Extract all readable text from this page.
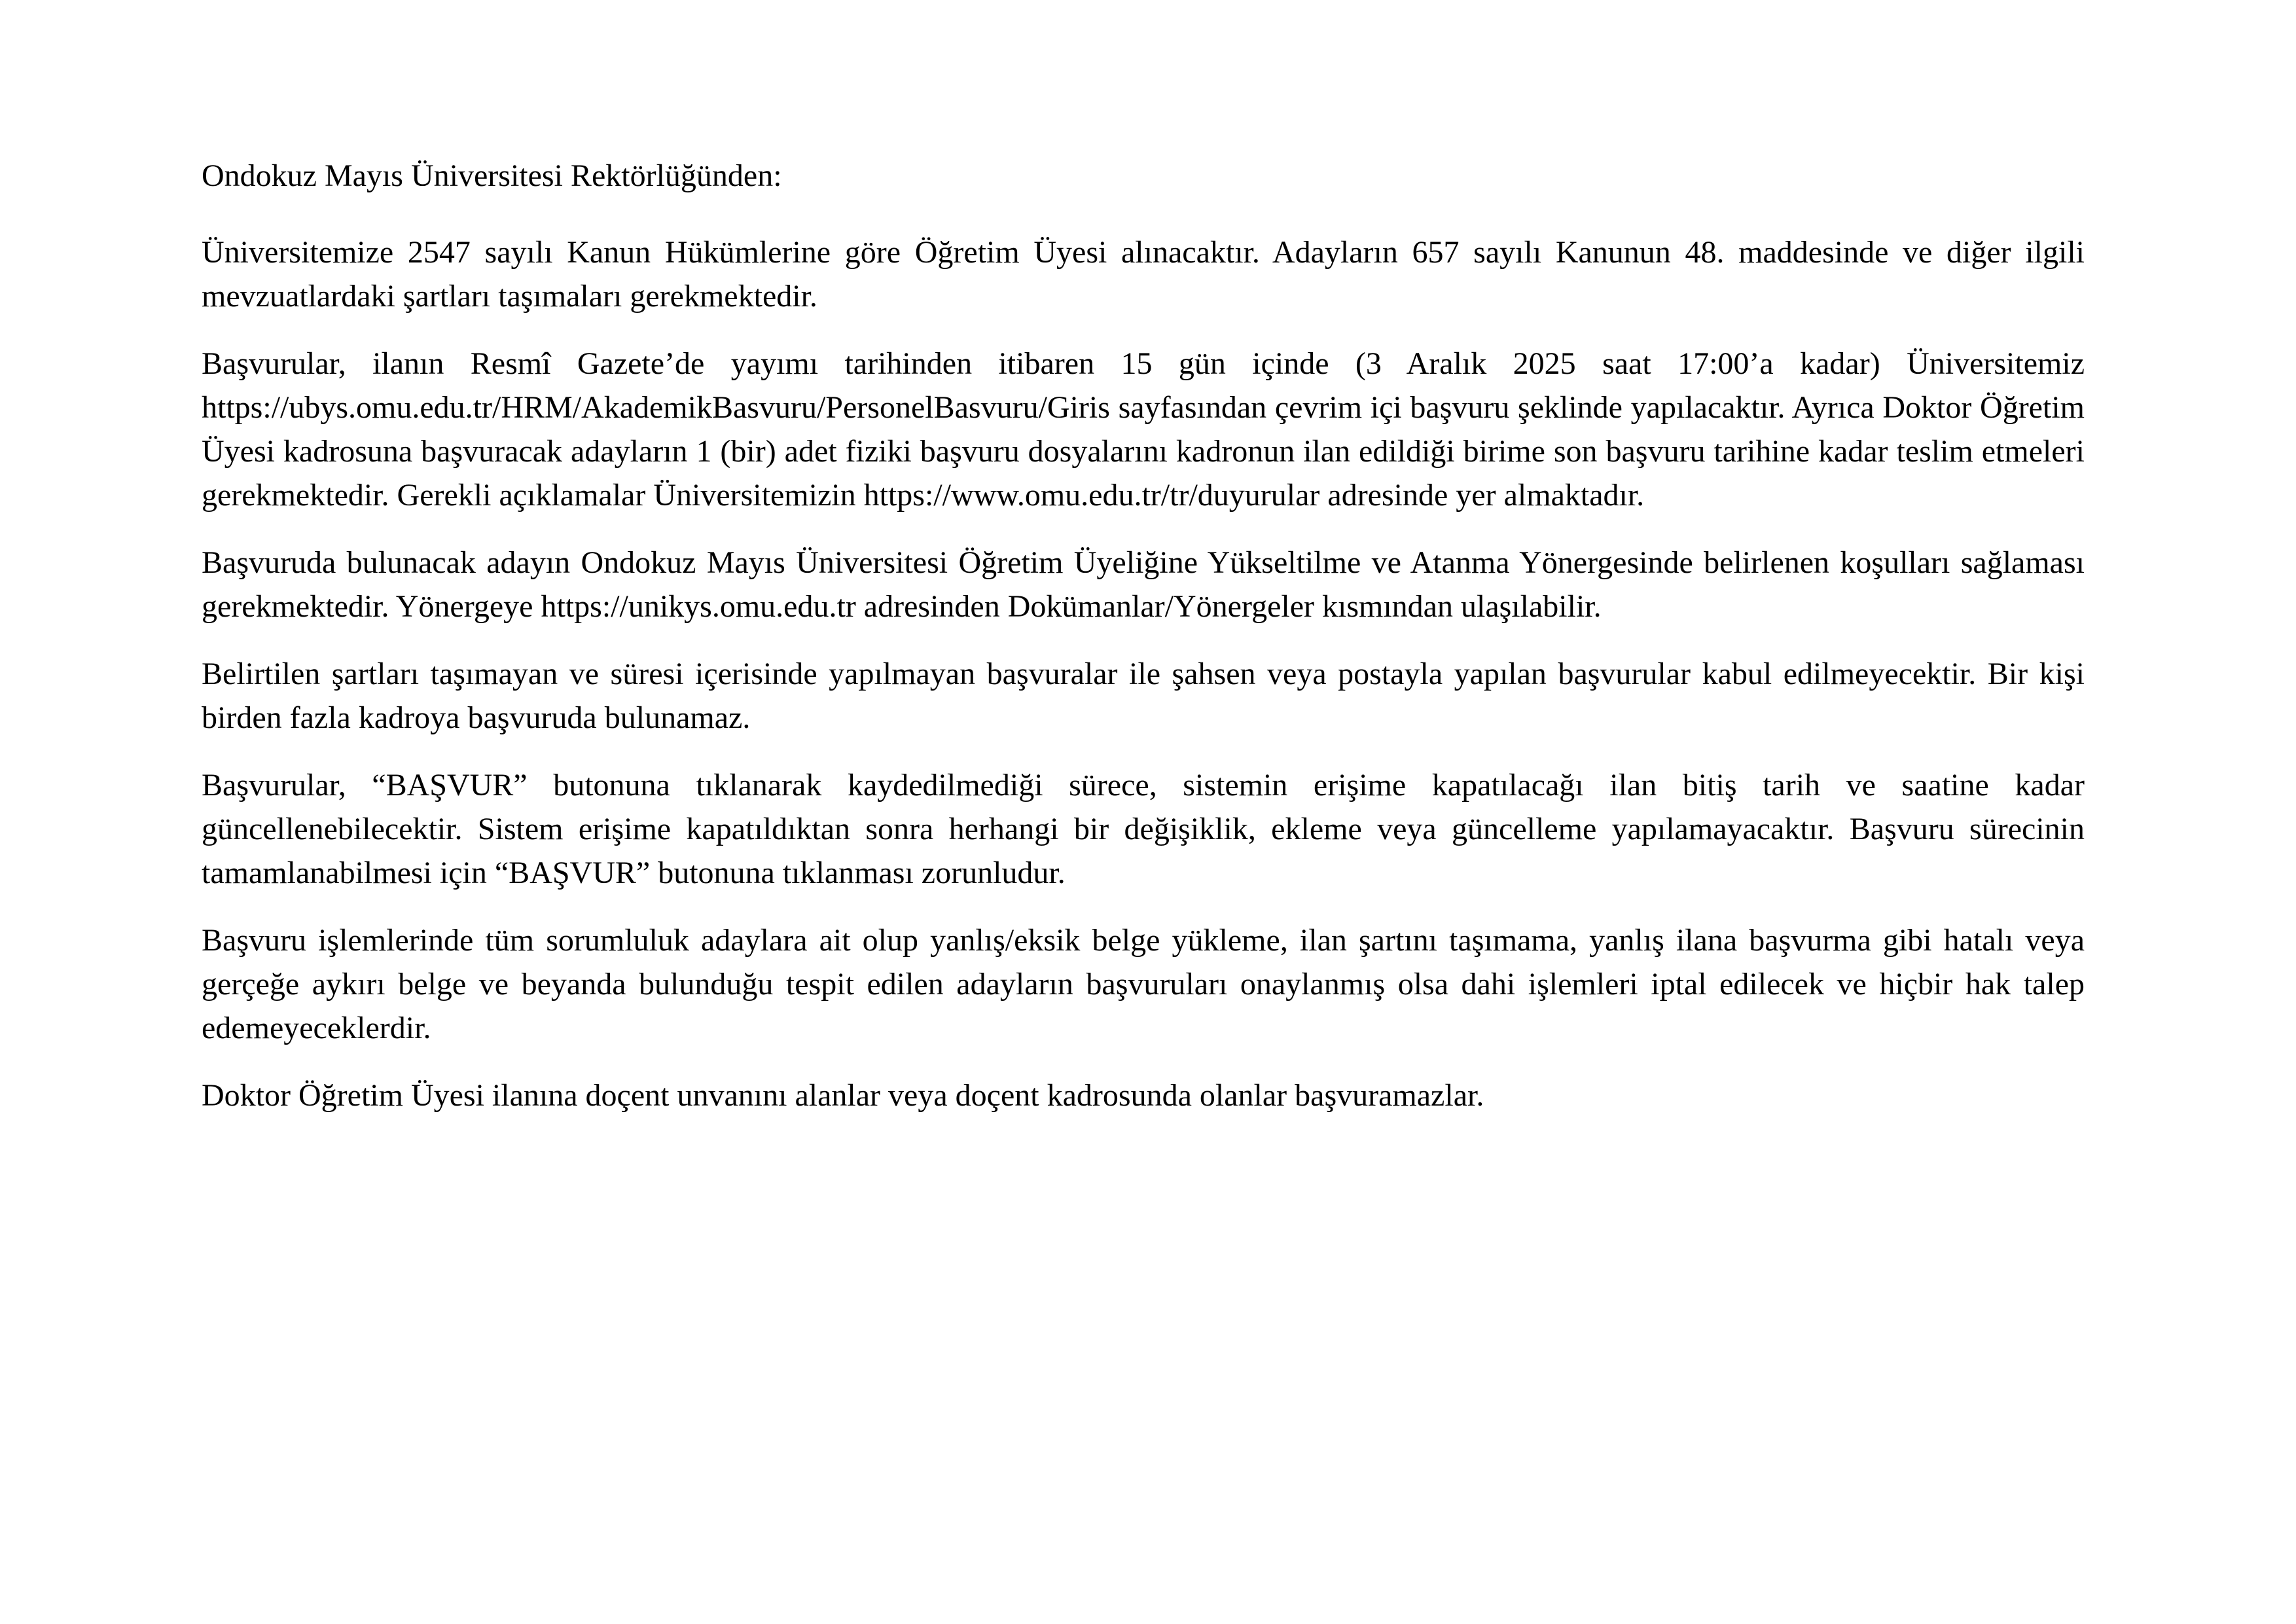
Ondokuz Mayıs Üniversitesi Rektörlüğünden:

Üniversitemize 2547 sayılı Kanun Hükümlerine göre Öğretim Üyesi alınacaktır. Adayların 657 sayılı Kanunun 48. maddesinde ve diğer ilgili mevzuatlardaki şartları taşımaları gerekmektedir.

Başvurular, ilanın Resmî Gazete’de yayımı tarihinden itibaren 15 gün içinde (3 Aralık 2025 saat 17:00’a kadar) Üniversitemiz https://ubys.omu.edu.tr/HRM/AkademikBasvuru/PersonelBasvuru/Giris sayfasından çevrim içi başvuru şeklinde yapılacaktır. Ayrıca Doktor Öğretim Üyesi kadrosuna başvuracak adayların 1 (bir) adet fiziki başvuru dosyalarını kadronun ilan edildiği birime son başvuru tarihine kadar teslim etmeleri gerekmektedir. Gerekli açıklamalar Üniversitemizin https://www.omu.edu.tr/tr/duyurular adresinde yer almaktadır.

Başvuruda bulunacak adayın Ondokuz Mayıs Üniversitesi Öğretim Üyeliğine Yükseltilme ve Atanma Yönergesinde belirlenen koşulları sağlaması gerekmektedir. Yönergeye https://unikys.omu.edu.tr adresinden Dokümanlar/Yönergeler kısmından ulaşılabilir.

Belirtilen şartları taşımayan ve süresi içerisinde yapılmayan başvuralar ile şahsen veya postayla yapılan başvurular kabul edilmeyecektir. Bir kişi birden fazla kadroya başvuruda bulunamaz.

Başvurular, “BAŞVUR” butonuna tıklanarak kaydedilmediği sürece, sistemin erişime kapatılacağı ilan bitiş tarih ve saatine kadar güncellenebilecektir. Sistem erişime kapatıldıktan sonra herhangi bir değişiklik, ekleme veya güncelleme yapılamayacaktır. Başvuru sürecinin tamamlanabilmesi için “BAŞVUR” butonuna tıklanması zorunludur.

Başvuru işlemlerinde tüm sorumluluk adaylara ait olup yanlış/eksik belge yükleme, ilan şartını taşımama, yanlış ilana başvurma gibi hatalı veya gerçeğe aykırı belge ve beyanda bulunduğu tespit edilen adayların başvuruları onaylanmış olsa dahi işlemleri iptal edilecek ve hiçbir hak talep edemeyeceklerdir.

Doktor Öğretim Üyesi ilanına doçent unvanını alanlar veya doçent kadrosunda olanlar başvuramazlar.
